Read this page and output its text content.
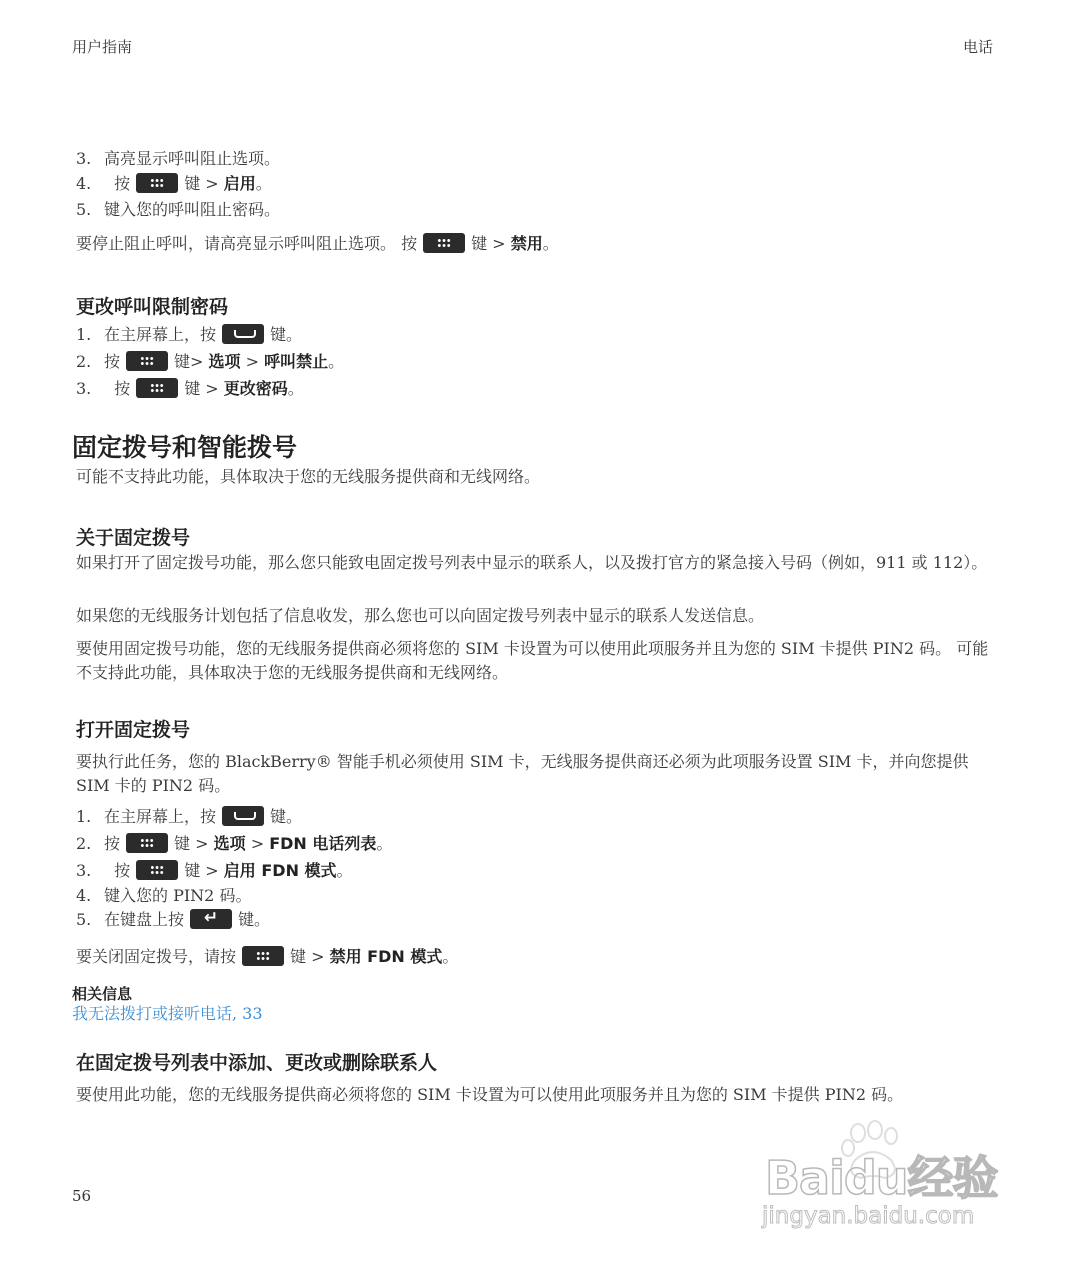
用户指南	电话
3. 高亮显示呼叫阻止选项。
4. 按	键 > 启用。
5. 键入您的呼叫阻止密码。
要停止阻止呼叫，请高亮显示呼叫阻止选项。 按	键 > 禁用。
更改呼叫限制密码
1. 在主屏幕上，按	键。
2. 按	键> 选项 > 呼叫禁止。
3. 按	键 > 更改密码。
固定拨号和智能拨号
可能不支持此功能，具体取决于您的无线服务提供商和无线网络。
关于固定拨号
如果打开了固定拨号功能，那么您只能致电固定拨号列表中显示的联系人，以及拨打官方的紧急接入号码（例如，911 或 112）。
如果您的无线服务计划包括了信息收发，那么您也可以向固定拨号列表中显示的联系人发送信息。
要使用固定拨号功能，您的无线服务提供商必须将您的 SIM 卡设置为可以使用此项服务并且为您的 SIM 卡提供 PIN2 码。 可能不支持此功能，具体取决于您的无线服务提供商和无线网络。
打开固定拨号
要执行此任务，您的 BlackBerry® 智能手机必须使用 SIM 卡，无线服务提供商还必须为此项服务设置 SIM 卡，并向您提供 SIM 卡的 PIN2 码。
1. 在主屏幕上，按	键。
2. 按	键 > 选项 > FDN 电话列表。
3. 按	键 > 启用 FDN 模式。
4. 键入您的 PIN2 码。
5. 在键盘上按↵	键。
要关闭固定拨号，请按	键 > 禁用 FDN 模式。
相关信息
我无法拨打或接听电话, 33
在固定拨号列表中添加、更改或删除联系人
要使用此功能，您的无线服务提供商必须将您的 SIM 卡设置为可以使用此项服务并且为您的 SIM 卡提供 PIN2 码。
56	Baidu经验
jingyan.baidu.com
